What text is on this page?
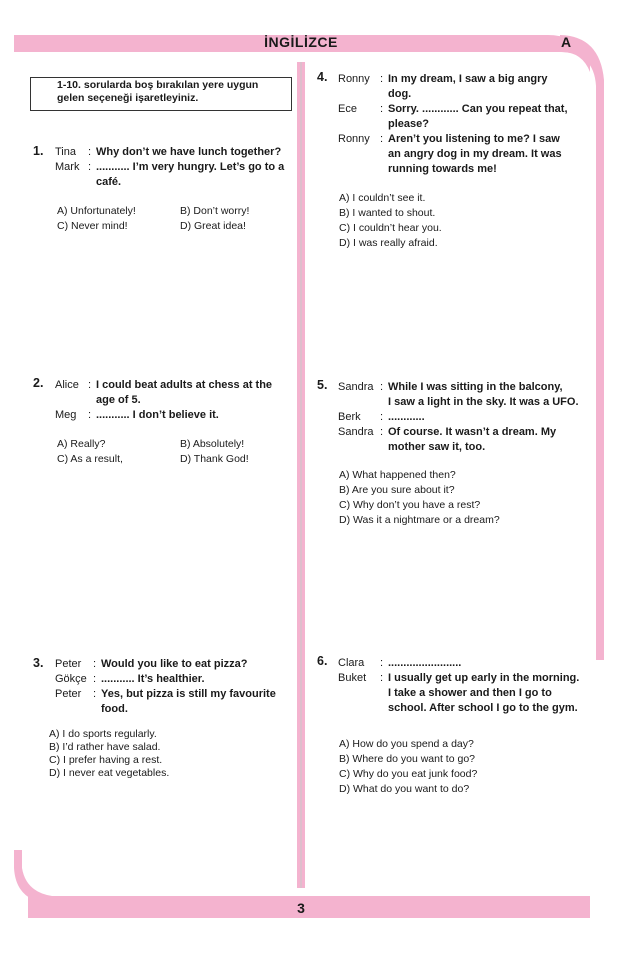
İNGİLİZCE	A
3
1-10. sorularda boş bırakılan yere uygun
gelen seçeneği işaretleyiniz.
1. Tina : Why don’t we have lunch together?
Mark : ........... I’m very hungry. Let’s go to a
café.
A) Unfortunately!	B) Don’t worry!
C) Never mind!	D) Great idea!
2. Alice : I could beat adults at chess at the
age of 5.
Meg : ........... I don’t believe it.
A) Really?	B) Absolutely!
C) As a result,	D) Thank God!
3. Peter : Would you like to eat pizza?
Gökçe : ........... It’s healthier.
Peter : Yes, but pizza is still my favourite
food.
A) I do sports regularly.
B) I’d rather have salad.
C) I prefer having a rest.
D) I never eat vegetables.
4. Ronny : In my dream, I saw a big angry
dog.
Ece : Sorry. ............ Can you repeat that,
please?
Ronny : Aren’t you listening to me? I saw
an angry dog in my dream. It was
running towards me!
A) I couldn’t see it.
B) I wanted to shout.
C) I couldn’t hear you.
D) I was really afraid.
5. Sandra : While I was sitting in the balcony,
I saw a light in the sky. It was a UFO.
Berk : ............
Sandra : Of course. It wasn’t a dream. My
mother saw it, too.
A) What happened then?
B) Are you sure about it?
C) Why don’t you have a rest?
D) Was it a nightmare or a dream?
6. Clara : ........................
Buket : I usually get up early in the morning.
I take a shower and then I go to
school. After school I go to the gym.
A) How do you spend a day?
B) Where do you want to go?
C) Why do you eat junk food?
D) What do you want to do?
